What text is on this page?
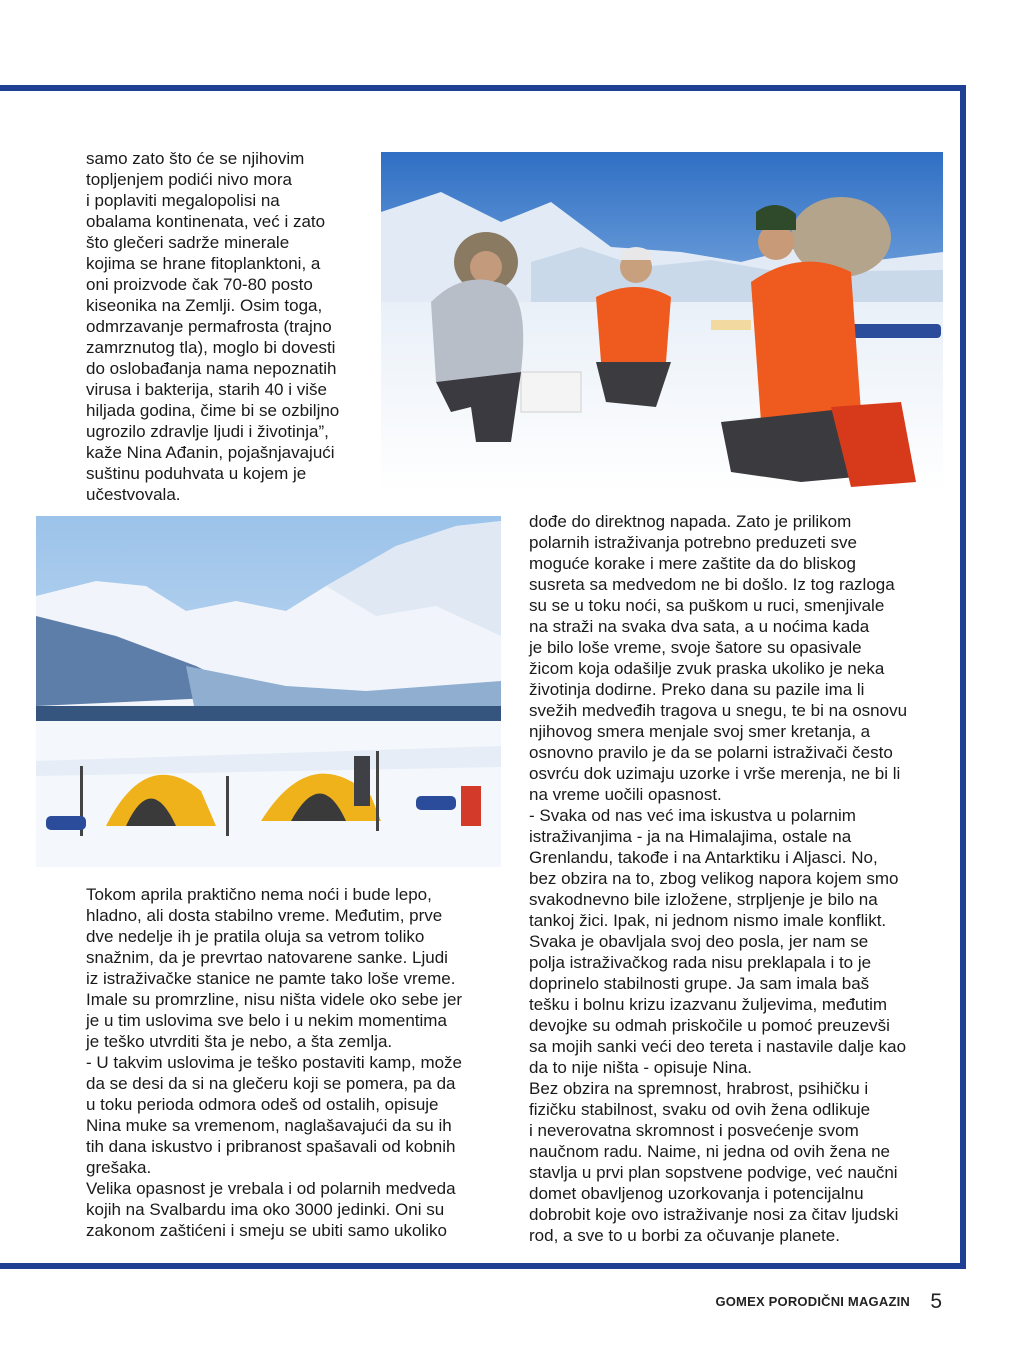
samo zato što će se njihovim
topljenjem podići nivo mora
i poplaviti megalopolisi na
obalama kontinenata, već i zato
što glečeri sadrže minerale
kojima se hrane fitoplanktoni, a
oni proizvode čak 70-80 posto
kiseonika na Zemlji. Osim toga,
odmrzavanje permafrosta (trajno
zamrznutog tla), moglo bi dovesti
do oslobađanja nama nepoznatih
virusa i bakterija, starih 40 i više
hiljada godina, čime bi se ozbiljno
ugrozilo zdravlje ljudi i životinja”,
kaže Nina Ađanin, pojašnjavajući
suštinu poduhvata u kojem je
učestvovala.

Tokom aprila praktično nema noći i bude lepo,
hladno, ali dosta stabilno vreme. Međutim, prve
dve nedelje ih je pratila oluja sa vetrom toliko
snažnim, da je prevrtao natovarene sanke. Ljudi
iz istraživačke stanice ne pamte tako loše vreme.
Imale su promrzline, nisu ništa videle oko sebe jer
je u tim uslovima sve belo i u nekim momentima
je teško utvrditi šta je nebo, a šta zemlja.
- U takvim uslovima je teško postaviti kamp, može
da se desi da si na glečeru koji se pomera, pa da
u toku perioda odmora odeš od ostalih, opisuje
Nina muke sa vremenom, naglašavajući da su ih
tih dana iskustvo i pribranost spašavali od kobnih
grešaka.
Velika opasnost je vrebala i od polarnih medveda
kojih na Svalbardu ima oko 3000 jedinki. Oni su
zakonom zaštićeni i smeju se ubiti samo ukoliko

dođe do direktnog napada. Zato je prilikom
polarnih istraživanja potrebno preduzeti sve
moguće korake i mere zaštite da do bliskog
susreta sa medvedom ne bi došlo. Iz tog razloga
su se u toku noći, sa puškom u ruci, smenjivale
na straži na svaka dva sata, a u noćima kada
je bilo loše vreme, svoje šatore su opasivale
žicom koja odašilje zvuk praska ukoliko je neka
životinja dodirne. Preko dana su pazile ima li
svežih medveđih tragova u snegu, te bi na osnovu
njihovog smera menjale svoj smer kretanja, a
osnovno pravilo je da se polarni istraživači često
osvrću dok uzimaju uzorke i vrše merenja, ne bi li
na vreme uočili opasnost.
- Svaka od nas već ima iskustva u polarnim
istraživanjima - ja na Himalajima, ostale na
Grenlandu, takođe i na Antarktiku i Aljasci. No,
bez obzira na to, zbog velikog napora kojem smo
svakodnevno bile izložene, strpljenje je bilo na
tankoj žici. Ipak, ni jednom nismo imale konflikt.
Svaka je obavljala svoj deo posla, jer nam se
polja istraživačkog rada nisu preklapala i to je
doprinelo stabilnosti grupe. Ja sam imala baš
tešku i bolnu krizu izazvanu žuljevima, međutim
devojke su odmah priskočile u pomoć preuzevši
sa mojih sanki veći deo tereta i nastavile dalje kao
da to nije ništa - opisuje Nina.
Bez obzira na spremnost, hrabrost, psihičku i
fizičku stabilnost, svaku od ovih žena odlikuje
i neverovatna skromnost i posvećenje svom
naučnom radu. Naime, ni jedna od ovih žena ne
stavlja u prvi plan sopstvene podvige, već naučni
domet obavljenog uzorkovanja i potencijalnu
dobrobit koje ovo istraživanje nosi za čitav ljudski
rod, a sve to u borbi za očuvanje planete.

GOMEX PORODIČNI MAGAZIN 5
